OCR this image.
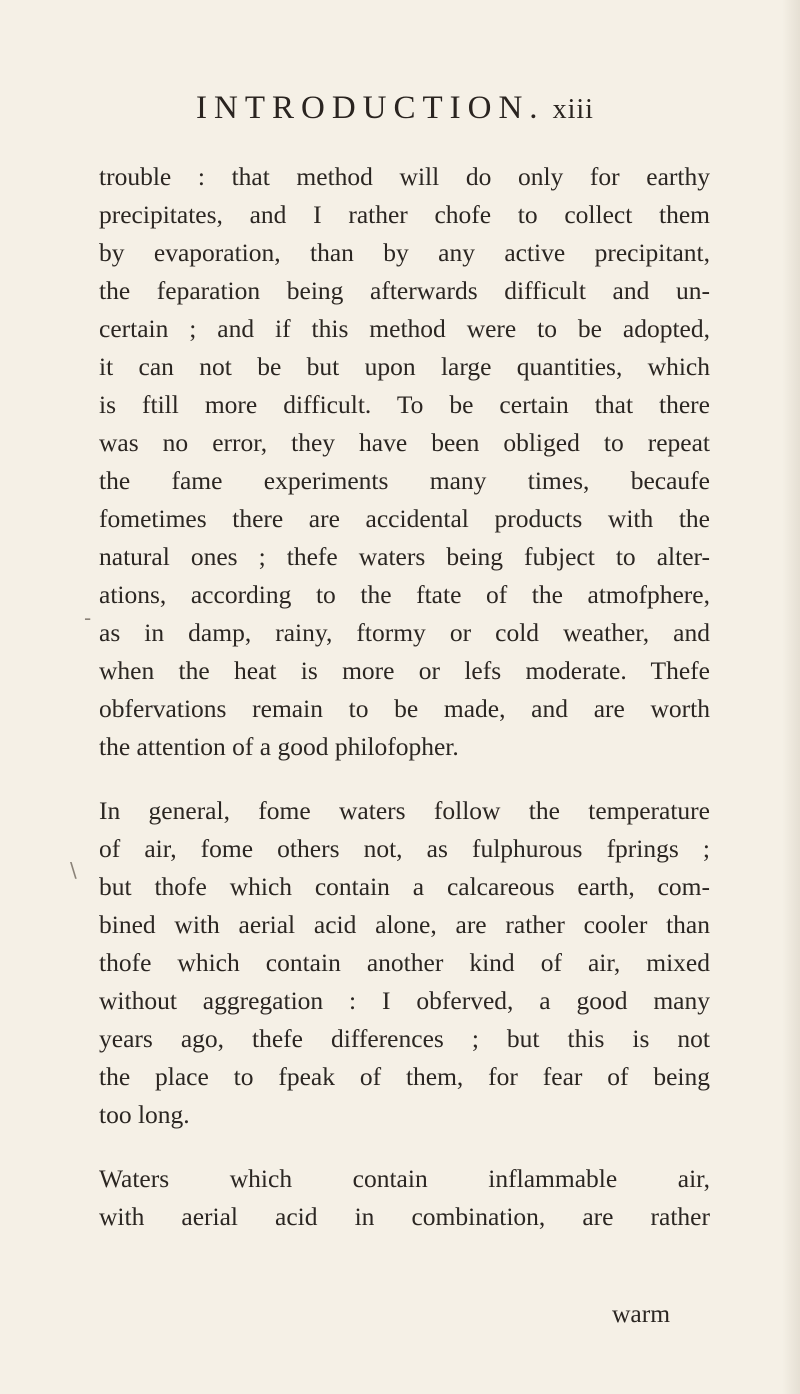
INTRODUCTION. xiii
trouble : that method will do only for earthy
precipitates, and I rather chofe to collect them
by evaporation, than by any active precipitant,
the feparation being afterwards difficult and un-
certain ; and if this method were to be adopted,
it can not be but upon large quantities, which
is ftill more difficult. To be certain that there
was no error, they have been obliged to repeat
the fame experiments many times, becaufe
fometimes there are accidental products with the
natural ones ; thefe waters being fubject to alter-
ations, according to the ftate of the atmofphere,
as in damp, rainy, ftormy or cold weather, and
when the heat is more or lefs moderate. Thefe
obfervations remain to be made, and are worth
the attention of a good philofopher.
In general, fome waters follow the temperature
of air, fome others not, as fulphurous fprings ;
but thofe which contain a calcareous earth, com-
bined with aerial acid alone, are rather cooler than
thofe which contain another kind of air, mixed
without aggregation : I obferved, a good many
years ago, thefe differences ; but this is not
the place to fpeak of them, for fear of being
too long.
Waters which contain inflammable air,
with aerial acid in combination, are rather
warm
-
\
